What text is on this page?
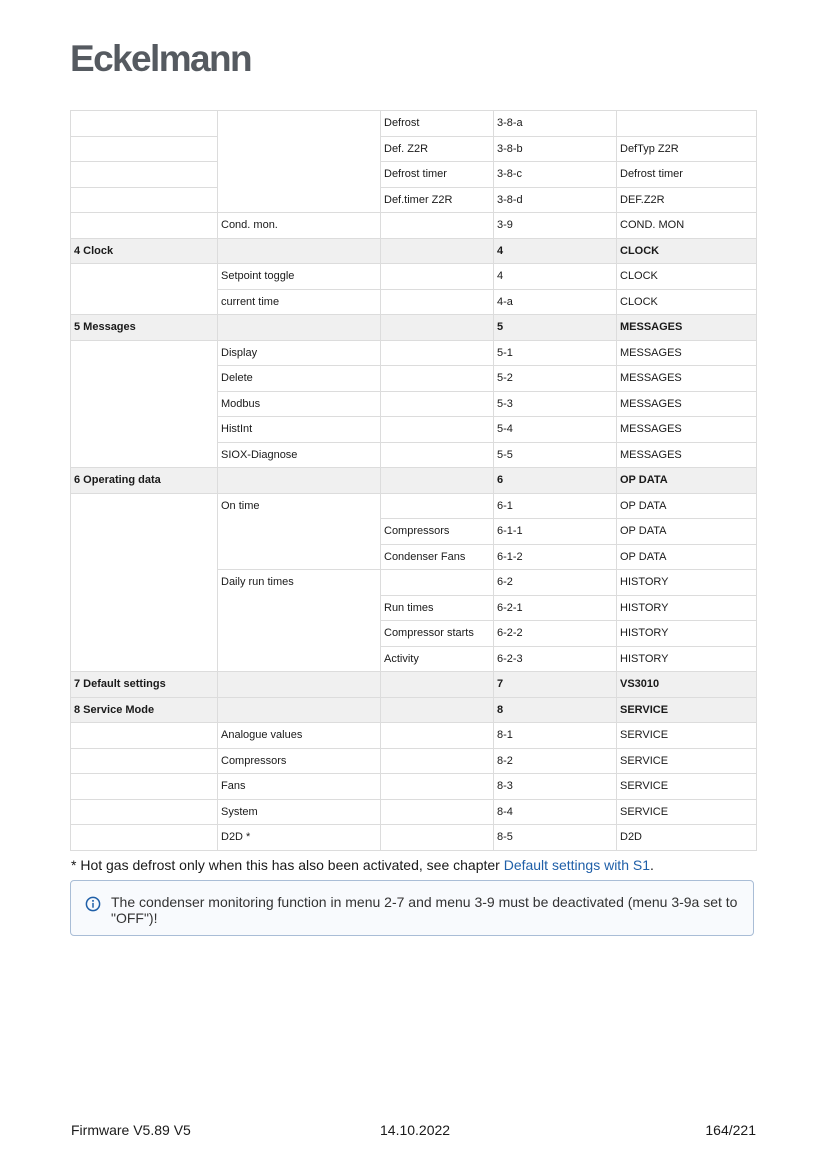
Eckelmann
		Defrost	3-8-a	
		Def. Z2R	3-8-b	DefTyp Z2R
		Defrost timer	3-8-c	Defrost timer
		Def.timer Z2R	3-8-d	DEF.Z2R
	Cond. mon.		3-9	COND. MON
4 Clock			4	CLOCK
	Setpoint toggle		4	CLOCK
	current time		4-a	CLOCK
5 Messages			5	MESSAGES
	Display		5-1	MESSAGES
	Delete		5-2	MESSAGES
	Modbus		5-3	MESSAGES
	HistInt		5-4	MESSAGES
	SIOX-Diagnose		5-5	MESSAGES
6 Operating data			6	OP DATA
	On time		6-1	OP DATA
		Compressors	6-1-1	OP DATA
		Condenser Fans	6-1-2	OP DATA
	Daily run times		6-2	HISTORY
		Run times	6-2-1	HISTORY
		Compressor starts	6-2-2	HISTORY
		Activity	6-2-3	HISTORY
7 Default settings			7	VS3010
8 Service Mode			8	SERVICE
	Analogue values		8-1	SERVICE
	Compressors		8-2	SERVICE
	Fans		8-3	SERVICE
	System		8-4	SERVICE
	D2D *		8-5	D2D
* Hot gas defrost only when this has also been activated, see chapter Default settings with S1.
The condenser monitoring function in menu 2-7 and menu 3-9 must be deactivated (menu 3-9a set to "OFF")!
Firmware V5.89 V5	14.10.2022	164/221
